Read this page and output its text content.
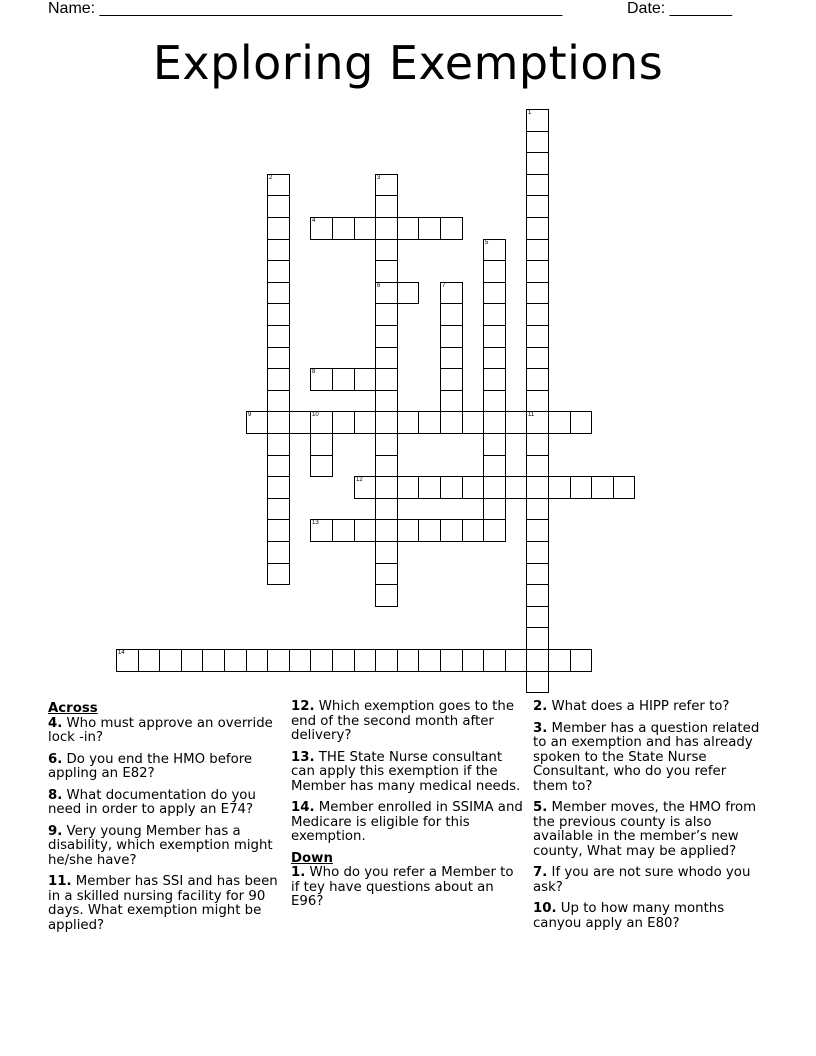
Name: ____________________________________________________	Date: _______
Exploring Exemptions
1
11
2	3
6
4
5
7
8
9	10
12
13
14
Across
4. Who must approve an override lock -in?
6. Do you end the HMO before appling an E82?
8. What documentation do you need in order to apply an E74?
9. Very young Member has a disability, which exemption might he/she have?
11. Member has SSI and has been in a skilled nursing facility for 90 days. What exemption might be applied?
12. Which exemption goes to the end of the second month after delivery?
13. THE State Nurse consultant can apply this exemption if the Member has many medical needs.
14. Member enrolled in SSIMA and Medicare is eligible for this exemption.
Down
1. Who do you refer a Member to if tey have questions about an E96?
2. What does a HIPP refer to?
3. Member has a question related to an exemption and has already spoken to the State Nurse Consultant, who do you refer them to?
5. Member moves, the HMO from the previous county is also available in the member’s new county, What may be applied?
7. If you are not sure whodo you ask?
10. Up to how many months canyou apply an E80?
